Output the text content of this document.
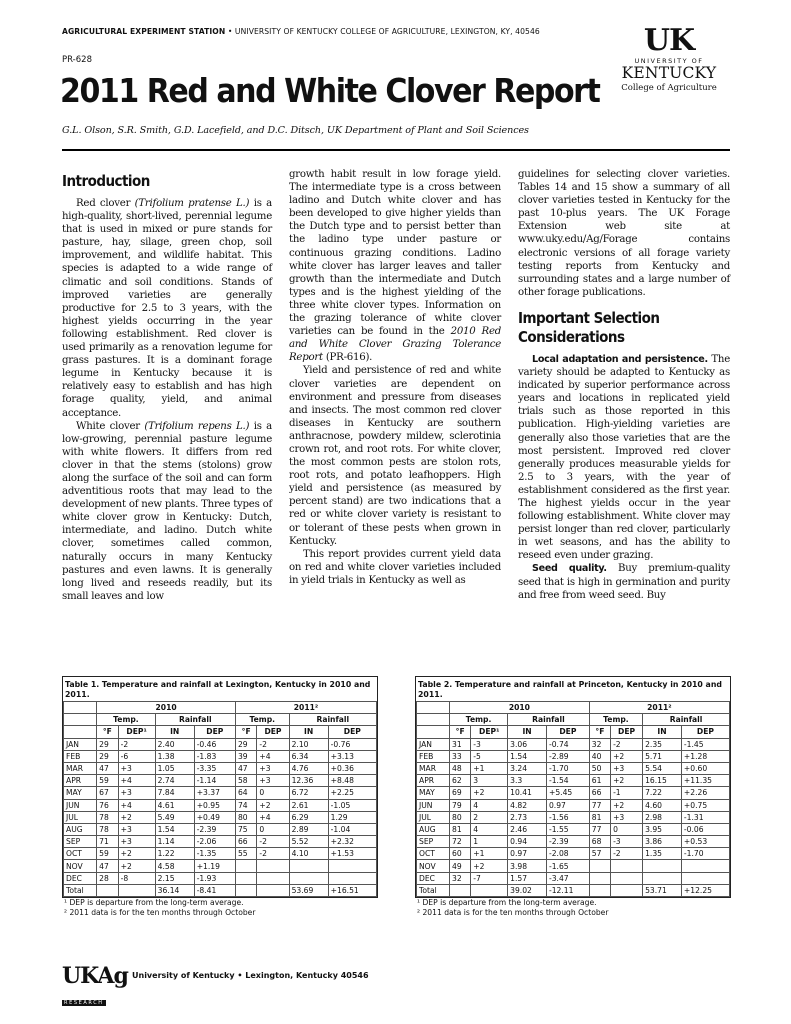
AGRICULTURAL EXPERIMENT STATION • UNIVERSITY OF KENTUCKY COLLEGE OF AGRICULTURE, LEXINGTON, KY, 40546
PR-628
2011 Red and White Clover Report
G.L. Olson, S.R. Smith, G.D. Lacefield, and D.C. Ditsch, UK Department of Plant and Soil Sciences
UK
UNIVERSITY OF
KENTUCKY
College of Agriculture
Introduction

Red clover (Trifolium pratense L.) is a high-quality, short-lived, perennial legume that is used in mixed or pure stands for pasture, hay, silage, green chop, soil improvement, and wildlife habitat. This species is adapted to a wide range of climatic and soil conditions. Stands of improved varieties are generally productive for 2.5 to 3 years, with the highest yields occurring in the year following establishment. Red clover is used primarily as a renovation legume for grass pastures. It is a dominant forage legume in Kentucky because it is relatively easy to establish and has high forage quality, yield, and animal acceptance.

White clover (Trifolium repens L.) is a low-growing, perennial pasture legume with white flowers. It differs from red clover in that the stems (stolons) grow along the surface of the soil and can form adventitious roots that may lead to the development of new plants. Three types of white clover grow in Kentucky: Dutch, intermediate, and ladino. Dutch white clover, sometimes called common, naturally occurs in many Kentucky pastures and even lawns. It is generally long lived and reseeds readily, but its small leaves and low

growth habit result in low forage yield. The intermediate type is a cross between ladino and Dutch white clover and has been developed to give higher yields than the Dutch type and to persist better than the ladino type under pasture or continuous grazing conditions. Ladino white clover has larger leaves and taller growth than the intermediate and Dutch types and is the highest yielding of the three white clover types. Information on the grazing tolerance of white clover varieties can be found in the 2010 Red and White Clover Grazing Tolerance Report (PR-616).

Yield and persistence of red and white clover varieties are dependent on environment and pressure from diseases and insects. The most common red clover diseases in Kentucky are southern anthracnose, powdery mildew, sclerotinia crown rot, and root rots. For white clover, the most common pests are stolon rots, root rots, and potato leafhoppers. High yield and persistence (as measured by percent stand) are two indications that a red or white clover variety is resistant to or tolerant of these pests when grown in Kentucky.

This report provides current yield data on red and white clover varieties included in yield trials in Kentucky as well as

guidelines for selecting clover varieties. Tables 14 and 15 show a summary of all clover varieties tested in Kentucky for the past 10-plus years. The UK Forage Extension web site at www.uky.edu/Ag/Forage contains electronic versions of all forage variety testing reports from Kentucky and surrounding states and a large number of other forage publications.

Important Selection Considerations

Local adaptation and persistence. The variety should be adapted to Kentucky as indicated by superior performance across years and locations in replicated yield trials such as those reported in this publication. High-yielding varieties are generally also those varieties that are the most persistent. Improved red clover generally produces measurable yields for 2.5 to 3 years, with the year of establishment considered as the first year. The highest yields occur in the year following establishment. White clover may persist longer than red clover, particularly in wet seasons, and has the ability to reseed even under grazing.

Seed quality. Buy premium-quality seed that is high in germination and purity and free from weed seed. Buy

Table 1. Temperature and rainfall at Lexington, Kentucky in 2010 and 2011.
	2010				2011²			
	Temp.		Rainfall		Temp.		Rainfall	
	°F	DEP¹	IN	DEP	°F	DEP	IN	DEP
JAN	29	-2	2.40	-0.46	29	-2	2.10	-0.76
FEB	29	-6	1.38	-1.83	39	+4	6.34	+3.13
MAR	47	+3	1.05	-3.35	47	+3	4.76	+0.36
APR	59	+4	2.74	-1.14	58	+3	12.36	+8.48
MAY	67	+3	7.84	+3.37	64	0	6.72	+2.25
JUN	76	+4	4.61	+0.95	74	+2	2.61	-1.05
JUL	78	+2	5.49	+0.49	80	+4	6.29	1.29
AUG	78	+3	1.54	-2.39	75	0	2.89	-1.04
SEP	71	+3	1.14	-2.06	66	-2	5.52	+2.32
OCT	59	+2	1.22	-1.35	55	-2	4.10	+1.53
NOV	47	+2	4.58	+1.19				
DEC	28	-8	2.15	-1.93				
Total			36.14	-8.41			53.69	+16.51
¹ DEP is departure from the long-term average.
² 2011 data is for the ten months through October
Table 2. Temperature and rainfall at Princeton, Kentucky in 2010 and 2011.
	2010				2011²			
	Temp.		Rainfall		Temp.		Rainfall	
	°F	DEP¹	IN	DEP	°F	DEP	IN	DEP
JAN	31	-3	3.06	-0.74	32	-2	2.35	-1.45
FEB	33	-5	1.54	-2.89	40	+2	5.71	+1.28
MAR	48	+1	3.24	-1.70	50	+3	5.54	+0.60
APR	62	3	3.3	-1.54	61	+2	16.15	+11.35
MAY	69	+2	10.41	+5.45	66	-1	7.22	+2.26
JUN	79	4	4.82	0.97	77	+2	4.60	+0.75
JUL	80	2	2.73	-1.56	81	+3	2.98	-1.31
AUG	81	4	2.46	-1.55	77	0	3.95	-0.06
SEP	72	1	0.94	-2.39	68	-3	3.86	+0.53
OCT	60	+1	0.97	-2.08	57	-2	1.35	-1.70
NOV	49	+2	3.98	-1.65				
DEC	32	-7	1.57	-3.47				
Total			39.02	-12.11			53.71	+12.25
¹ DEP is departure from the long-term average.
² 2011 data is for the ten months through October
UKAg
RESEARCH
University of Kentucky • Lexington, Kentucky 40546
